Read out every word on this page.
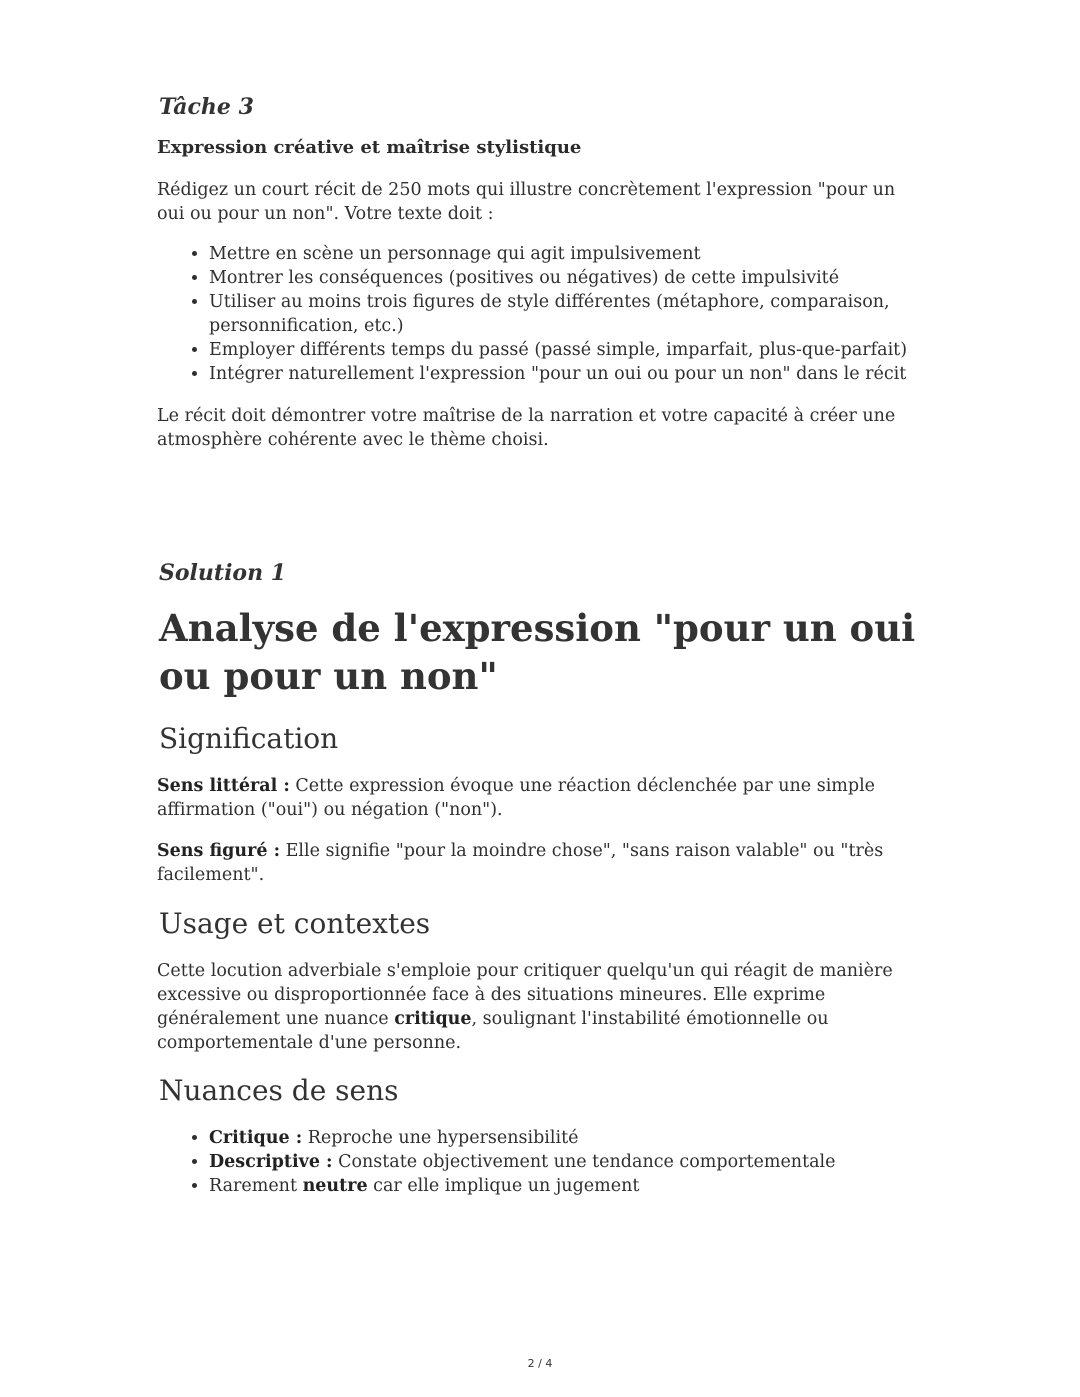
Tâche 3

Expression créative et maîtrise stylistique

Rédigez un court récit de 250 mots qui illustre concrètement l'expression "pour un oui ou pour un non". Votre texte doit :

• Mettre en scène un personnage qui agit impulsivement
• Montrer les conséquences (positives ou négatives) de cette impulsivité
• Utiliser au moins trois figures de style différentes (métaphore, comparaison, personnification, etc.)
• Employer différents temps du passé (passé simple, imparfait, plus-que-parfait)
• Intégrer naturellement l'expression "pour un oui ou pour un non" dans le récit

Le récit doit démontrer votre maîtrise de la narration et votre capacité à créer une atmosphère cohérente avec le thème choisi.

Solution 1

Analyse de l'expression "pour un oui ou pour un non"
Signification

Sens littéral : Cette expression évoque une réaction déclenchée par une simple affirmation ("oui") ou négation ("non").

Sens figuré : Elle signifie "pour la moindre chose", "sans raison valable" ou "très facilement".

Usage et contextes

Cette locution adverbiale s'emploie pour critiquer quelqu'un qui réagit de manière excessive ou disproportionnée face à des situations mineures. Elle exprime généralement une nuance critique, soulignant l'instabilité émotionnelle ou comportementale d'une personne.

Nuances de sens
• Critique : Reproche une hypersensibilité
• Descriptive : Constate objectivement une tendance comportementale
• Rarement neutre car elle implique un jugement
2 / 4
